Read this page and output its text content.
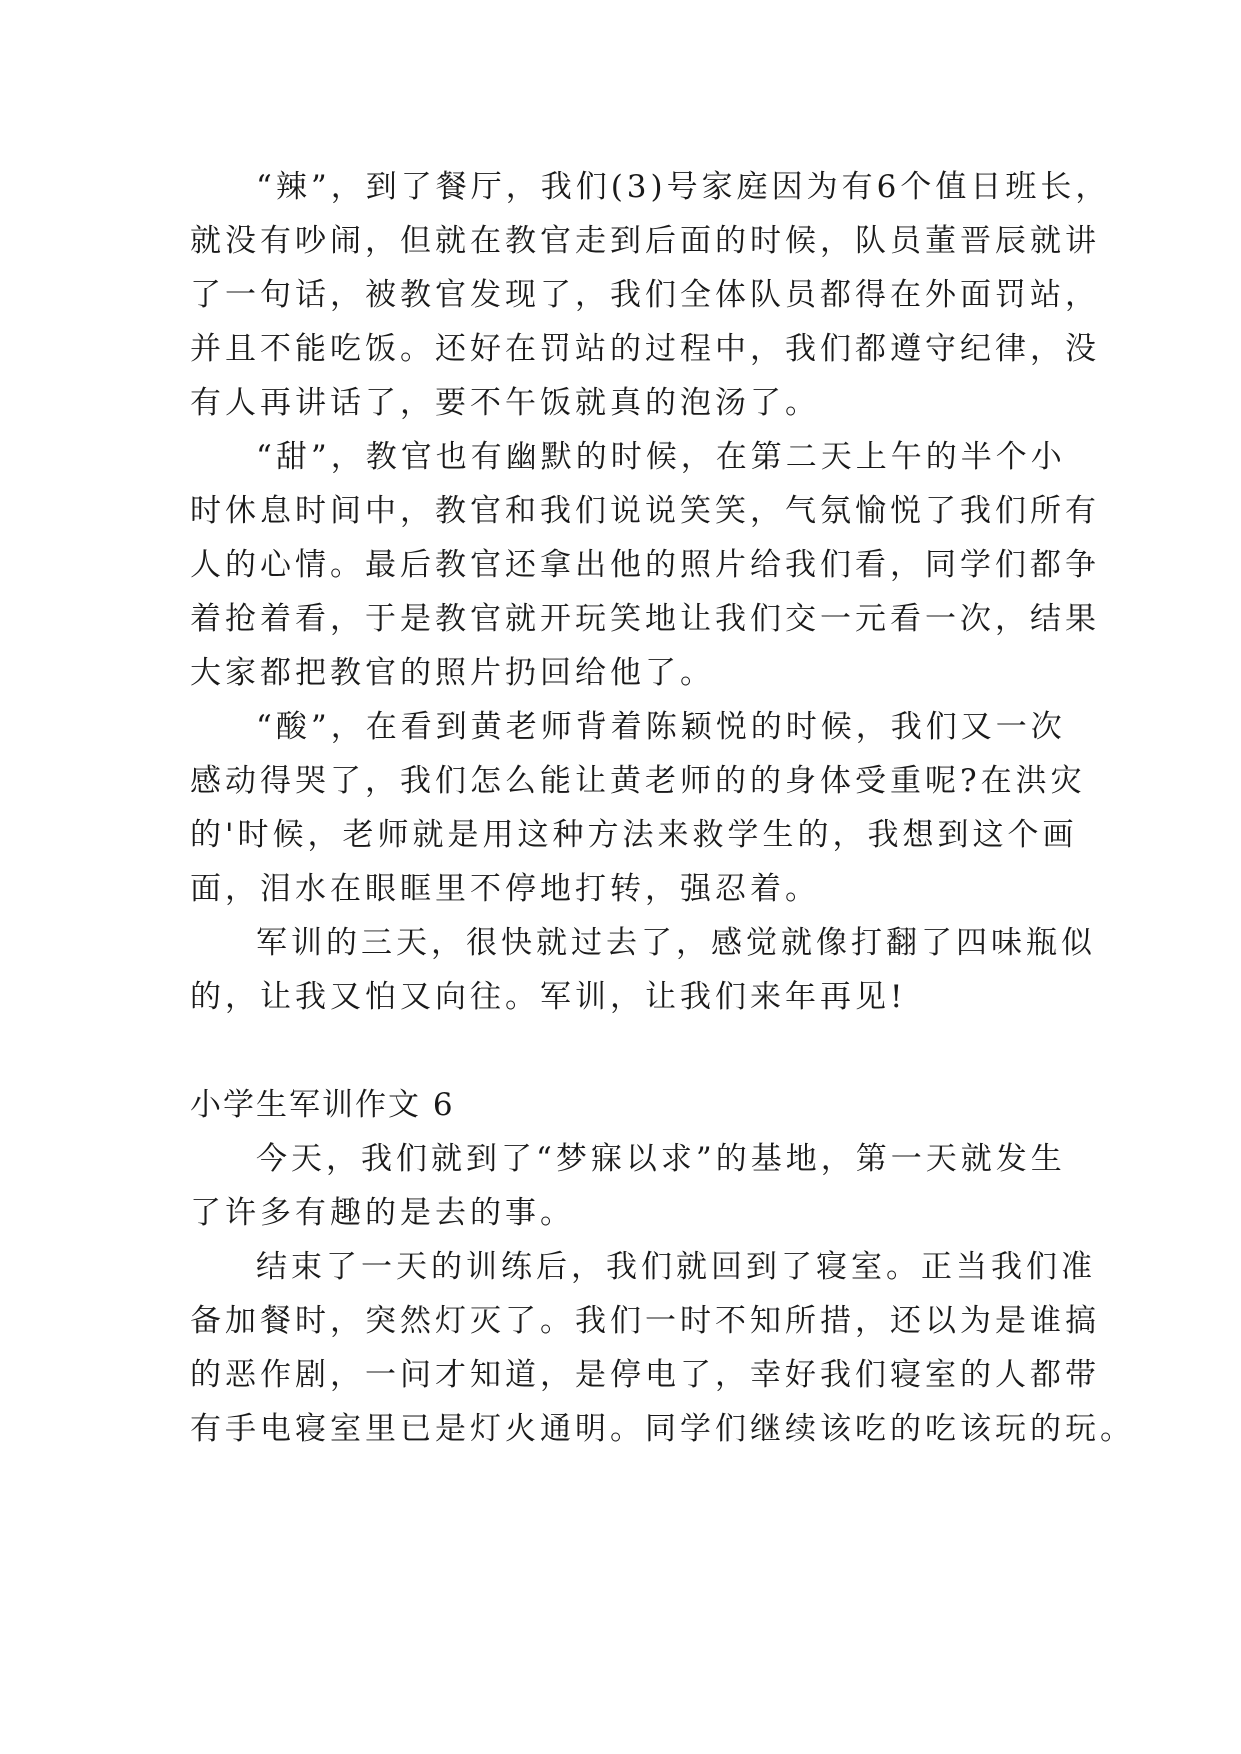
“辣”，到了餐厅，我们(3)号家庭因为有6个值日班长，
就没有吵闹，但就在教官走到后面的时候，队员董晋辰就讲
了一句话，被教官发现了，我们全体队员都得在外面罚站，
并且不能吃饭。还好在罚站的过程中，我们都遵守纪律，没
有人再讲话了，要不午饭就真的泡汤了。

“甜”，教官也有幽默的时候，在第二天上午的半个小
时休息时间中，教官和我们说说笑笑，气氛愉悦了我们所有
人的心情。最后教官还拿出他的照片给我们看，同学们都争
着抢着看，于是教官就开玩笑地让我们交一元看一次，结果
大家都把教官的照片扔回给他了。

“酸”，在看到黄老师背着陈颖悦的时候，我们又一次
感动得哭了，我们怎么能让黄老师的的身体受重呢?在洪灾
的'时候，老师就是用这种方法来救学生的，我想到这个画
面，泪水在眼眶里不停地打转，强忍着。

军训的三天，很快就过去了，感觉就像打翻了四味瓶似
的，让我又怕又向往。军训，让我们来年再见!

小学生军训作文 6

今天，我们就到了“梦寐以求”的基地，第一天就发生
了许多有趣的是去的事。

结束了一天的训练后，我们就回到了寝室。正当我们准
备加餐时，突然灯灭了。我们一时不知所措，还以为是谁搞
的恶作剧，一问才知道，是停电了，幸好我们寝室的人都带
有手电寝室里已是灯火通明。同学们继续该吃的吃该玩的玩。
